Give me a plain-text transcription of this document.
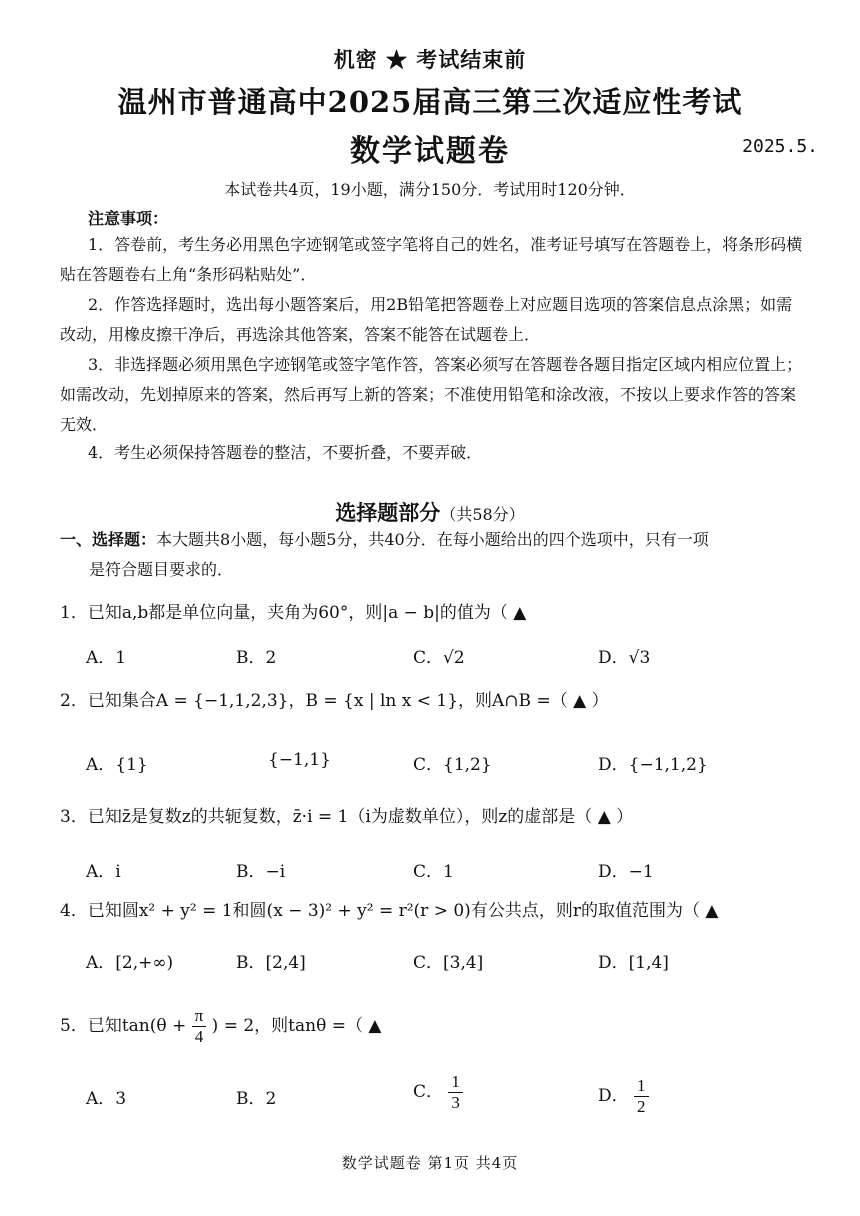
机密 ★ 考试结束前
温州市普通高中2025届高三第三次适应性考试
数学试题卷	2025.5.
本试卷共4页，19小题，满分150分．考试用时120分钟．
注意事项：
1．答卷前，考生务必用黑色字迹钢笔或签字笔将自己的姓名，准考证号填写在答题卷上，将条形码横贴在答题卷右上角“条形码粘贴处”．
2．作答选择题时，选出每小题答案后，用2B铅笔把答题卷上对应题目选项的答案信息点涂黑；如需改动，用橡皮擦干净后，再选涂其他答案，答案不能答在试题卷上．
3．非选择题必须用黑色字迹钢笔或签字笔作答，答案必须写在答题卷各题目指定区域内相应位置上；如需改动，先划掉原来的答案，然后再写上新的答案；不准使用铅笔和涂改液，不按以上要求作答的答案无效．
4．考生必须保持答题卷的整洁，不要折叠，不要弄破．
选择题部分（共58分）
一、选择题：本大题共8小题，每小题5分，共40分．在每小题给出的四个选项中，只有一项
是符合题目要求的．
1．已知a,b都是单位向量，夹角为60°，则|a − b|的值为（ ▲
A．1	B．2	C．√2	D．√3
2．已知集合A = {−1,1,2,3}，B = {x | ln x < 1}，则A∩B =（ ▲ ）
A．{1}	{−1,1}	C．{1,2}	D．{−1,1,2}
3．已知z̄是复数z的共轭复数，z̄·i = 1（i为虚数单位），则z的虚部是（ ▲ ）
A．i	B．−i	C．1	D．−1
4．已知圆x² + y² = 1和圆(x − 3)² + y² = r²(r > 0)有公共点，则r的取值范围为（ ▲
A．[2,+∞)	B．[2,4]	C．[3,4]	D．[1,4]
5．已知$\tan(\theta + \frac{\pi}{4}$ ) = 2，则tanθ =（ ▲
A．3	B．2	C． $\frac{1}{3}$	D． $\frac{1}{2}$
数学试题卷 第1页 共4页
